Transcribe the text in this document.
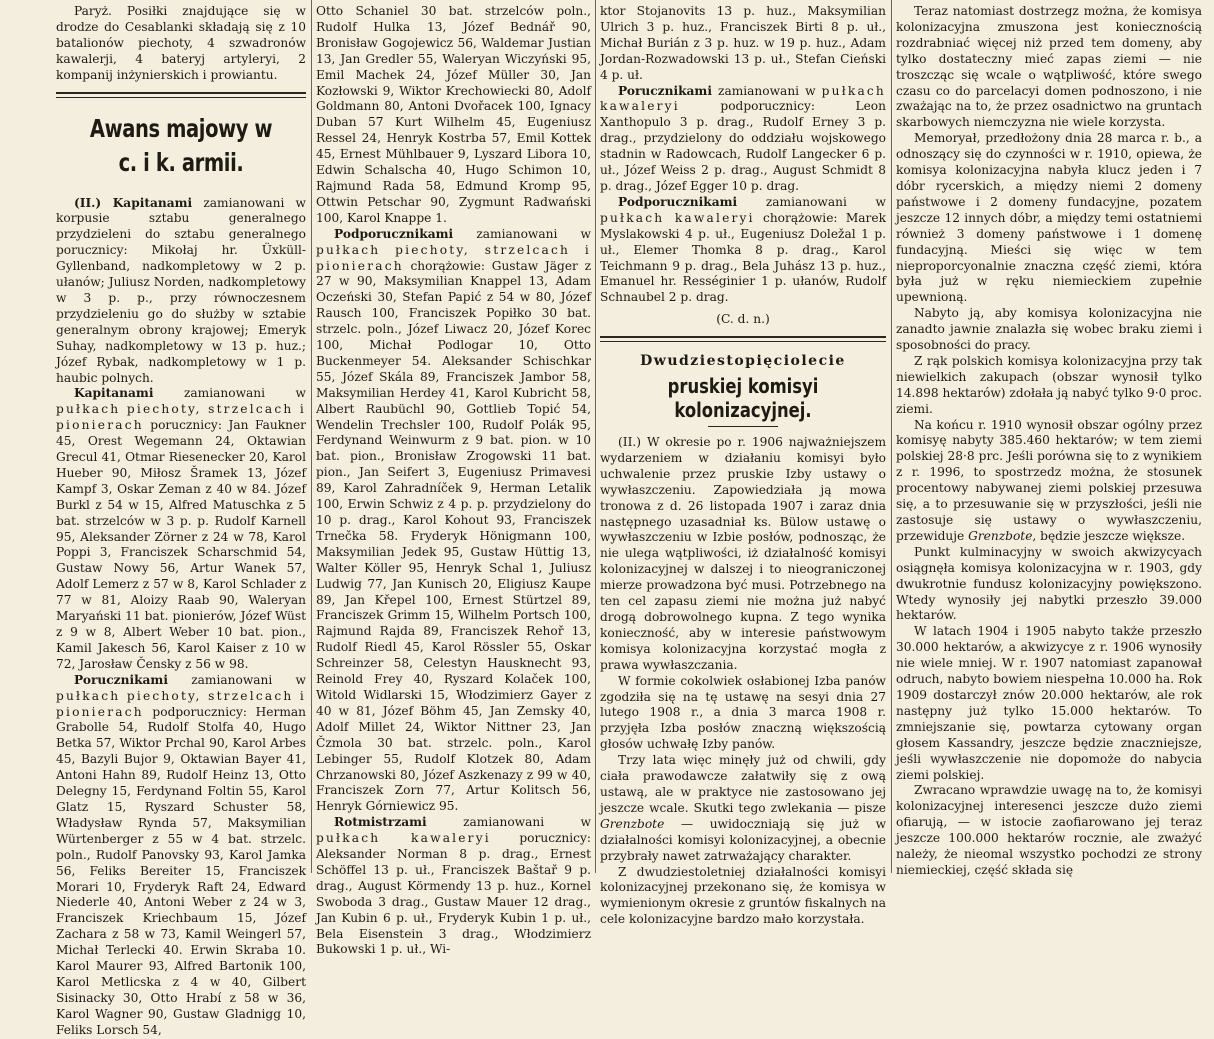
Paryż. Posiłki znajdujące się w drodze do Cesablanki składają się z 10 batalionów piechoty, 4 szwadronów kawalerji, 4 bateryj artyleryi, 2 kompanij inżynierskich i prowiantu.

Awans majowy w c. i k. armii.

(II.) Kapitanami zamianowani w korpusie sztabu generalnego przydzieleni do sztabu generalnego porucznicy: Mikołaj hr. Üxküll-Gyllenband, nadkompletowy w 2 p. ułanów; Juliusz Norden, nadkompletowy w 3 p. p., przy równoczesnem przydzieleniu go do służby w sztabie generalnym obrony krajowej; Emeryk Suhay, nadkompletowy w 13 p. huz.; Józef Rybak, nadkompletowy w 1 p. haubic polnych.

Kapitanami zamianowani w pułkach piechoty, strzelcach i pionierach porucznicy: Jan Faukner 45, Orest Wegemann 24, Oktawian Grecul 41, Otmar Riesenecker 20, Karol Hueber 90, Miłosz Šramek 13, Józef Kampf 3, Oskar Zeman z 40 w 84. Józef Burkl z 54 w 15, Alfred Matuschka z 5 bat. strzelców w 3 p. p. Rudolf Karnell 95, Aleksander Zörner z 24 w 78, Karol Poppi 3, Franciszek Scharschmid 54, Gustaw Nowy 56, Artur Wanek 57, Adolf Lemerz z 57 w 8, Karol Schlader z 77 w 81, Aloizy Raab 90, Waleryan Maryański 11 bat. pionierów, Józef Wüst z 9 w 8, Albert Weber 10 bat. pion., Kamil Jakesch 56, Karol Kaiser z 10 w 72, Jarosław Čensky z 56 w 98.

Porucznikami zamianowani w pułkach piechoty, strzelcach i pionierach podporucznicy: Herman Grabolle 54, Rudolf Stolfa 40, Hugo Betka 57, Wiktor Prchal 90, Karol Arbes 45, Bazyli Bujor 9, Oktawian Bayer 41, Antoni Hahn 89, Rudolf Heinz 13, Otto Delegny 15, Ferdynand Foltin 55, Karol Glatz 15, Ryszard Schuster 58, Władysław Rynda 57, Maksymilian Würtenberger z 55 w 4 bat. strzelc. poln., Rudolf Panovsky 93, Karol Jamka 56, Feliks Bereiter 15, Franciszek Morari 10, Fryderyk Raft 24, Edward Niederle 40, Antoni Weber z 24 w 3, Franciszek Kriechbaum 15, Józef Zachara z 58 w 73, Kamil Weingerl 57, Michał Terlecki 40. Erwin Skraba 10. Karol Maurer 93, Alfred Bartonik 100, Karol Metlicska z 4 w 40, Gilbert Sisinacky 30, Otto Hrabí z 58 w 36, Karol Wagner 90, Gustaw Gladnigg 10, Feliks Lorsch 54,

Otto Schaniel 30 bat. strzelców poln., Rudolf Hulka 13, Józef Bednář 90, Bronisław Gogojewicz 56, Waldemar Justian 13, Jan Gredler 55, Waleryan Wiczyński 95, Emil Machek 24, Józef Müller 30, Jan Kozłowski 9, Wiktor Krechowiecki 80, Adolf Goldmann 80, Antoni Dvořacek 100, Ignacy Duban 57 Kurt Wilhelm 45, Eugeniusz Ressel 24, Henryk Kostrba 57, Emil Kottek 45, Ernest Mühlbauer 9, Lyszard Libora 10, Edwin Schalscha 40, Hugo Schimon 10, Rajmund Rada 58, Edmund Kromp 95, Ottwin Petschar 90, Zygmunt Radwański 100, Karol Knappe 1.

Podporucznikami zamianowani w pułkach piechoty, strzelcach i pionierach chorążowie: Gustaw Jäger z 27 w 90, Maksymilian Knappel 13, Adam Oczeński 30, Stefan Papić z 54 w 80, Józef Rausch 100, Franciszek Popiłko 30 bat. strzelc. poln., Józef Liwacz 20, Józef Korec 100, Michał Podlogar 10, Otto Buckenmeyer 54. Aleksander Schischkar 55, Józef Skála 89, Franciszek Jambor 58, Maksymilian Herdey 41, Karol Kubricht 58, Albert Raubüchl 90, Gottlieb Topić 54, Wendelin Trechsler 100, Rudolf Polák 95, Ferdynand Weinwurm z 9 bat. pion. w 10 bat. pion., Bronisław Zrogowski 11 bat. pion., Jan Seifert 3, Eugeniusz Primavesi 89, Karol Zahradníček 9, Herman Letalik 100, Erwin Schwiz z 4 p. p. przydzielony do 10 p. drag., Karol Kohout 93, Franciszek Trnečka 58. Fryderyk Hönigmann 100, Maksymilian Jedek 95, Gustaw Hüttig 13, Walter Köller 95, Henryk Schal 1, Juliusz Ludwig 77, Jan Kunisch 20, Eligiusz Kaupe 89, Jan Křepel 100, Ernest Stürtzel 89, Franciszek Grimm 15, Wilhelm Portsch 100, Rajmund Rajda 89, Franciszek Rehoř 13, Rudolf Riedl 45, Karol Rössler 55, Oskar Schreinzer 58, Celestyn Hausknecht 93, Reinold Frey 40, Ryszard Kolaček 100, Witold Widlarski 15, Włodzimierz Gayer z 40 w 81, Józef Böhm 45, Jan Zemsky 40, Adolf Millet 24, Wiktor Nittner 23, Jan Čzmola 30 bat. strzelc. poln., Karol Lebinger 55, Rudolf Klotzek 80, Adam Chrzanowski 80, Józef Aszkenazy z 99 w 40, Franciszek Zorn 77, Artur Kolitsch 56, Henryk Górniewicz 95.

Rotmistrzami zamianowani w pułkach kawaleryi porucznicy: Aleksander Norman 8 p. drag., Ernest Schöffel 13 p. uł., Franciszek Baštař 9 p. drag., August Körmendy 13 p. huz., Kornel Swoboda 3 drag., Gustaw Mauer 12 drag., Jan Kubin 6 p. uł., Fryderyk Kubin 1 p. uł., Bela Eisenstein 3 drag., Włodzimierz Bukowski 1 p. uł., Wi-

ktor Stojanovits 13 p. huz., Maksymilian Ulrich 3 p. huz., Franciszek Birti 8 p. uł., Michał Burián z 3 p. huz. w 19 p. huz., Adam Jordan-Rozwadowski 13 p. uł., Stefan Cieński 4 p. uł.

Porucznikami zamianowani w pułkach kawaleryi podporucznicy: Leon Xanthopulo 3 p. drag., Rudolf Erney 3 p. drag., przydzielony do oddziału wojskowego stadnin w Radowcach, Rudolf Langecker 6 p. uł., Józef Weiss 2 p. drag., August Schmidt 8 p. drag., Józef Egger 10 p. drag.

Podporucznikami zamianowani w pułkach kawaleryi chorążowie: Marek Myslakowski 4 p. uł., Eugeniusz Doležal 1 p. uł., Elemer Thomka 8 p. drag., Karol Teichmann 9 p. drag., Bela Juhász 13 p. huz., Emanuel hr. Rességinier 1 p. ułanów, Rudolf Schnaubel 2 p. drag.

(C. d. n.)

Dwudziestopięciolecie
pruskiej komisyi kolonizacyjnej.

(II.) W okresie po r. 1906 najważniejszem wydarzeniem w działaniu komisyi było uchwalenie przez pruskie Izby ustawy o wywłaszczeniu. Zapowiedziała ją mowa tronowa z d. 26 listopada 1907 i zaraz dnia następnego uzasadniał ks. Bülow ustawę o wywłaszczeniu w Izbie posłów, podnosząc, że nie ulega wątpliwości, iż działalność komisyi kolonizacyjnej w dalszej i to nieograniczonej mierze prowadzona być musi. Potrzebnego na ten cel zapasu ziemi nie można już nabyć drogą dobrowolnego kupna. Z tego wynika konieczność, aby w interesie państwowym komisya kolonizacyjna korzystać mogła z prawa wywłaszczania.

W formie cokolwiek osłabionej Izba panów zgodziła się na tę ustawę na sesyi dnia 27 lutego 1908 r., a dnia 3 marca 1908 r. przyjęła Izba posłów znaczną większością głosów uchwałę Izby panów.

Trzy lata więc minęły już od chwili, gdy ciała prawodawcze załatwiły się z ową ustawą, ale w praktyce nie zastosowano jej jeszcze wcale. Skutki tego zwlekania — pisze Grenzbote — uwidoczniają się już w działalności komisyi kolonizacyjnej, a obecnie przybrały nawet zatrważający charakter.

Z dwudziestoletniej działalności komisyi kolonizacyjnej przekonano się, że komisya w wymienionym okresie z gruntów fiskalnych na cele kolonizacyjne bardzo mało korzystała.

Teraz natomiast dostrzegz można, że komisya kolonizacyjna zmuszona jest koniecznością rozdrabniać więcej niż przed tem domeny, aby tylko dostateczny mieć zapas ziemi — nie troszcząc się wcale o wątpliwość, które swego czasu co do parcelacyi domen podnoszono, i nie zważając na to, że przez osadnictwo na gruntach skarbowych niemczyzna nie wiele korzysta.

Memoryał, przedłożony dnia 28 marca r. b., a odnoszący się do czynności w r. 1910, opiewa, że komisya kolonizacyjna nabyła klucz jeden i 7 dóbr rycerskich, a między niemi 2 domeny państwowe i 2 domeny fundacyjne, pozatem jeszcze 12 innych dóbr, a między temi ostatniemi również 3 domeny państwowe i 1 domenę fundacyjną. Mieści się więc w tem nieproporcyonalnie znaczna część ziemi, która była już w ręku niemieckiem zupełnie upewnioną.

Nabyto ją, aby komisya kolonizacyjna nie zanadto jawnie znalazła się wobec braku ziemi i sposobności do pracy.

Z rąk polskich komisya kolonizacyjna przy tak niewielkich zakupach (obszar wynosił tylko 14.898 hektarów) zdołała ją nabyć tylko 9·0 proc. ziemi.

Na końcu r. 1910 wynosił obszar ogólny przez komisyę nabyty 385.460 hektarów; w tem ziemi polskiej 28·8 prc. Jeśli porówna się to z wynikiem z r. 1996, to spostrzedz można, że stosunek procentowy nabywanej ziemi polskiej przesuwa się, a to przesuwanie się w przyszłości, jeśli nie zastosuje się ustawy o wywłaszczeniu, przewiduje Grenzbote, będzie jeszcze większe.

Punkt kulminacyjny w swoich akwizycyach osiągnęła komisya kolonizacyjna w r. 1903, gdy dwukrotnie fundusz kolonizacyjny powiększono. Wtedy wynosiły jej nabytki przeszło 39.000 hektarów.

W latach 1904 i 1905 nabyto także przeszło 30.000 hektarów, a akwizycye z r. 1906 wynosiły nie wiele mniej. W r. 1907 natomiast zapanował odruch, nabyto bowiem niespełna 10.000 ha. Rok 1909 dostarczył znów 20.000 hektarów, ale rok następny już tylko 15.000 hektarów. To zmniejszanie się, powtarza cytowany organ głosem Kassandry, jeszcze będzie znaczniejsze, jeśli wywłaszczenie nie dopomoże do nabycia ziemi polskiej.

Zwracano wprawdzie uwagę na to, że komisyi kolonizacyjnej interesenci jeszcze dużo ziemi ofiarują, — w istocie zaofiarowano jej teraz jeszcze 100.000 hektarów rocznie, ale zważyć należy, że nieomal wszystko pochodzi ze strony niemieckiej, część składa się
